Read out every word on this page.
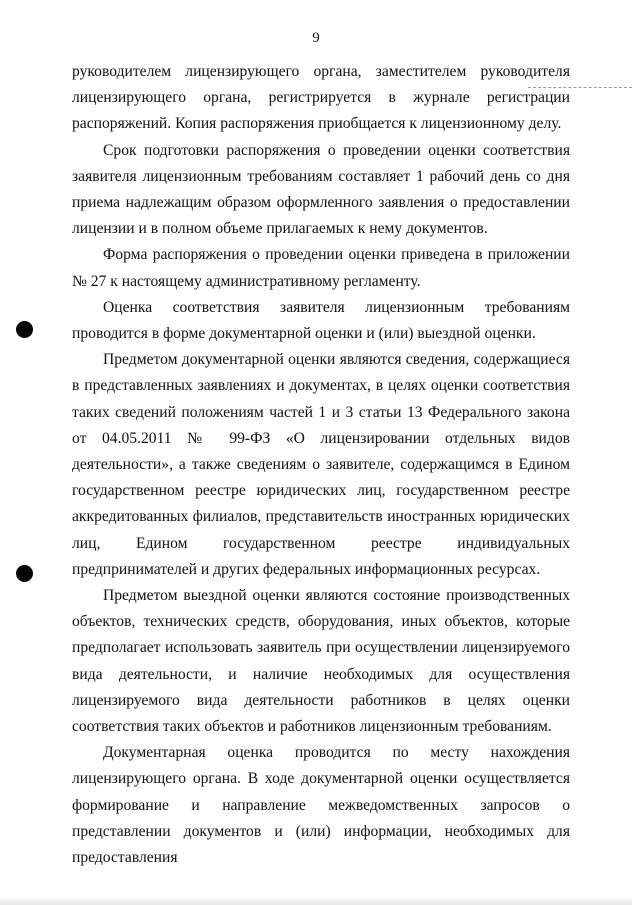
9

руководителем лицензирующего органа, заместителем руководителя лицензирующего органа, регистрируется в журнале регистрации распоряжений. Копия распоряжения приобщается к лицензионному делу.

Срок подготовки распоряжения о проведении оценки соответствия заявителя лицензионным требованиям составляет 1 рабочий день со дня приема надлежащим образом оформленного заявления о предоставлении лицензии и в полном объеме прилагаемых к нему документов.

Форма распоряжения о проведении оценки приведена в приложении № 27 к настоящему административному регламенту.

Оценка соответствия заявителя лицензионным требованиям проводится в форме документарной оценки и (или) выездной оценки.

Предметом документарной оценки являются сведения, содержащиеся в представленных заявлениях и документах, в целях оценки соответствия таких сведений положениям частей 1 и 3 статьи 13 Федерального закона от 04.05.2011 № 99-ФЗ «О лицензировании отдельных видов деятельности», а также сведениям о заявителе, содержащимся в Едином государственном реестре юридических лиц, государственном реестре аккредитованных филиалов, представительств иностранных юридических лиц, Едином государственном реестре индивидуальных предпринимателей и других федеральных информационных ресурсах.

Предметом выездной оценки являются состояние производственных объектов, технических средств, оборудования, иных объектов, которые предполагает использовать заявитель при осуществлении лицензируемого вида деятельности, и наличие необходимых для осуществления лицензируемого вида деятельности работников в целях оценки соответствия таких объектов и работников лицензионным требованиям.

Документарная оценка проводится по месту нахождения лицензирующего органа. В ходе документарной оценки осуществляется формирование и направление межведомственных запросов о представлении документов и (или) информации, необходимых для предоставления
